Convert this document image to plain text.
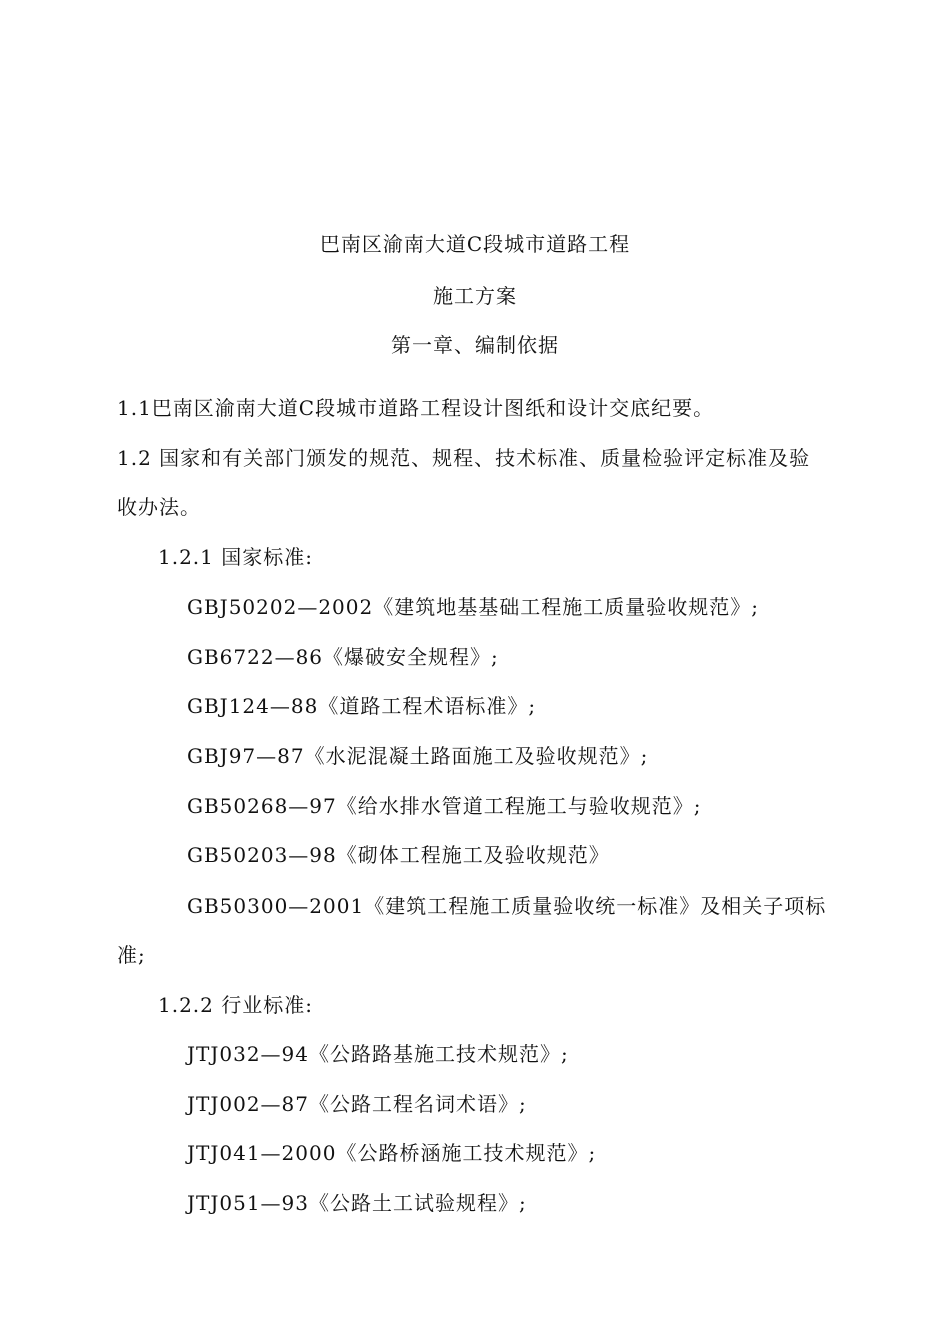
巴南区渝南大道C段城市道路工程
施工方案
第一章、编制依据
1.1巴南区渝南大道C段城市道路工程设计图纸和设计交底纪要。
1.2 国家和有关部门颁发的规范、规程、技术标准、质量检验评定标准及验
收办法。
1.2.1 国家标准:
GBJ50202—2002《建筑地基基础工程施工质量验收规范》;
GB6722—86《爆破安全规程》;
GBJ124—88《道路工程术语标准》;
GBJ97—87《水泥混凝土路面施工及验收规范》;
GB50268—97《给水排水管道工程施工与验收规范》;
GB50203—98《砌体工程施工及验收规范》
GB50300—2001《建筑工程施工质量验收统一标准》及相关子项标
准;
1.2.2 行业标准:
JTJ032—94《公路路基施工技术规范》;
JTJ002—87《公路工程名词术语》;
JTJ041—2000《公路桥涵施工技术规范》;
JTJ051—93《公路土工试验规程》;
